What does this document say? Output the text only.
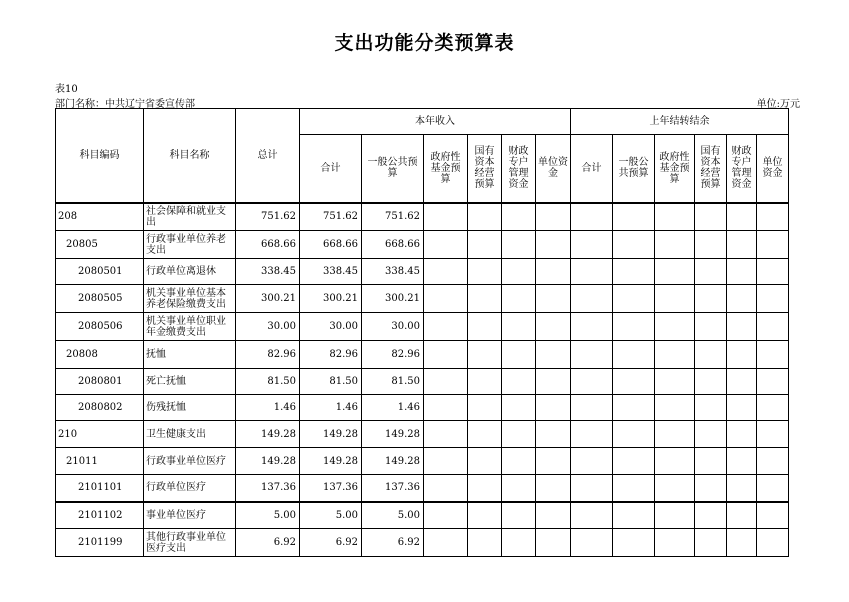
支出功能分类预算表
表10
部门名称：中共辽宁省委宣传部	单位:万元
科目编码	科目名称	总计	本年收入						上年结转结余					
			合计	一般公共预算	政府性基金预算	国有资本经营预算	财政专户管理资金	单位资金	合计	一般公共预算	政府性基金预算	国有资本经营预算	财政专户管理资金	单位资金
208	社会保障和就业支出	751.62	751.62	751.62										
20805	行政事业单位养老支出	668.66	668.66	668.66										
2080501	行政单位离退休	338.45	338.45	338.45										
2080505	机关事业单位基本养老保险缴费支出	300.21	300.21	300.21										
2080506	机关事业单位职业年金缴费支出	30.00	30.00	30.00										
20808	抚恤	82.96	82.96	82.96										
2080801	死亡抚恤	81.50	81.50	81.50										
2080802	伤残抚恤	1.46	1.46	1.46										
210	卫生健康支出	149.28	149.28	149.28										
21011	行政事业单位医疗	149.28	149.28	149.28										
2101101	行政单位医疗	137.36	137.36	137.36										
2101102	事业单位医疗	5.00	5.00	5.00										
2101199	其他行政事业单位医疗支出	6.92	6.92	6.92										
